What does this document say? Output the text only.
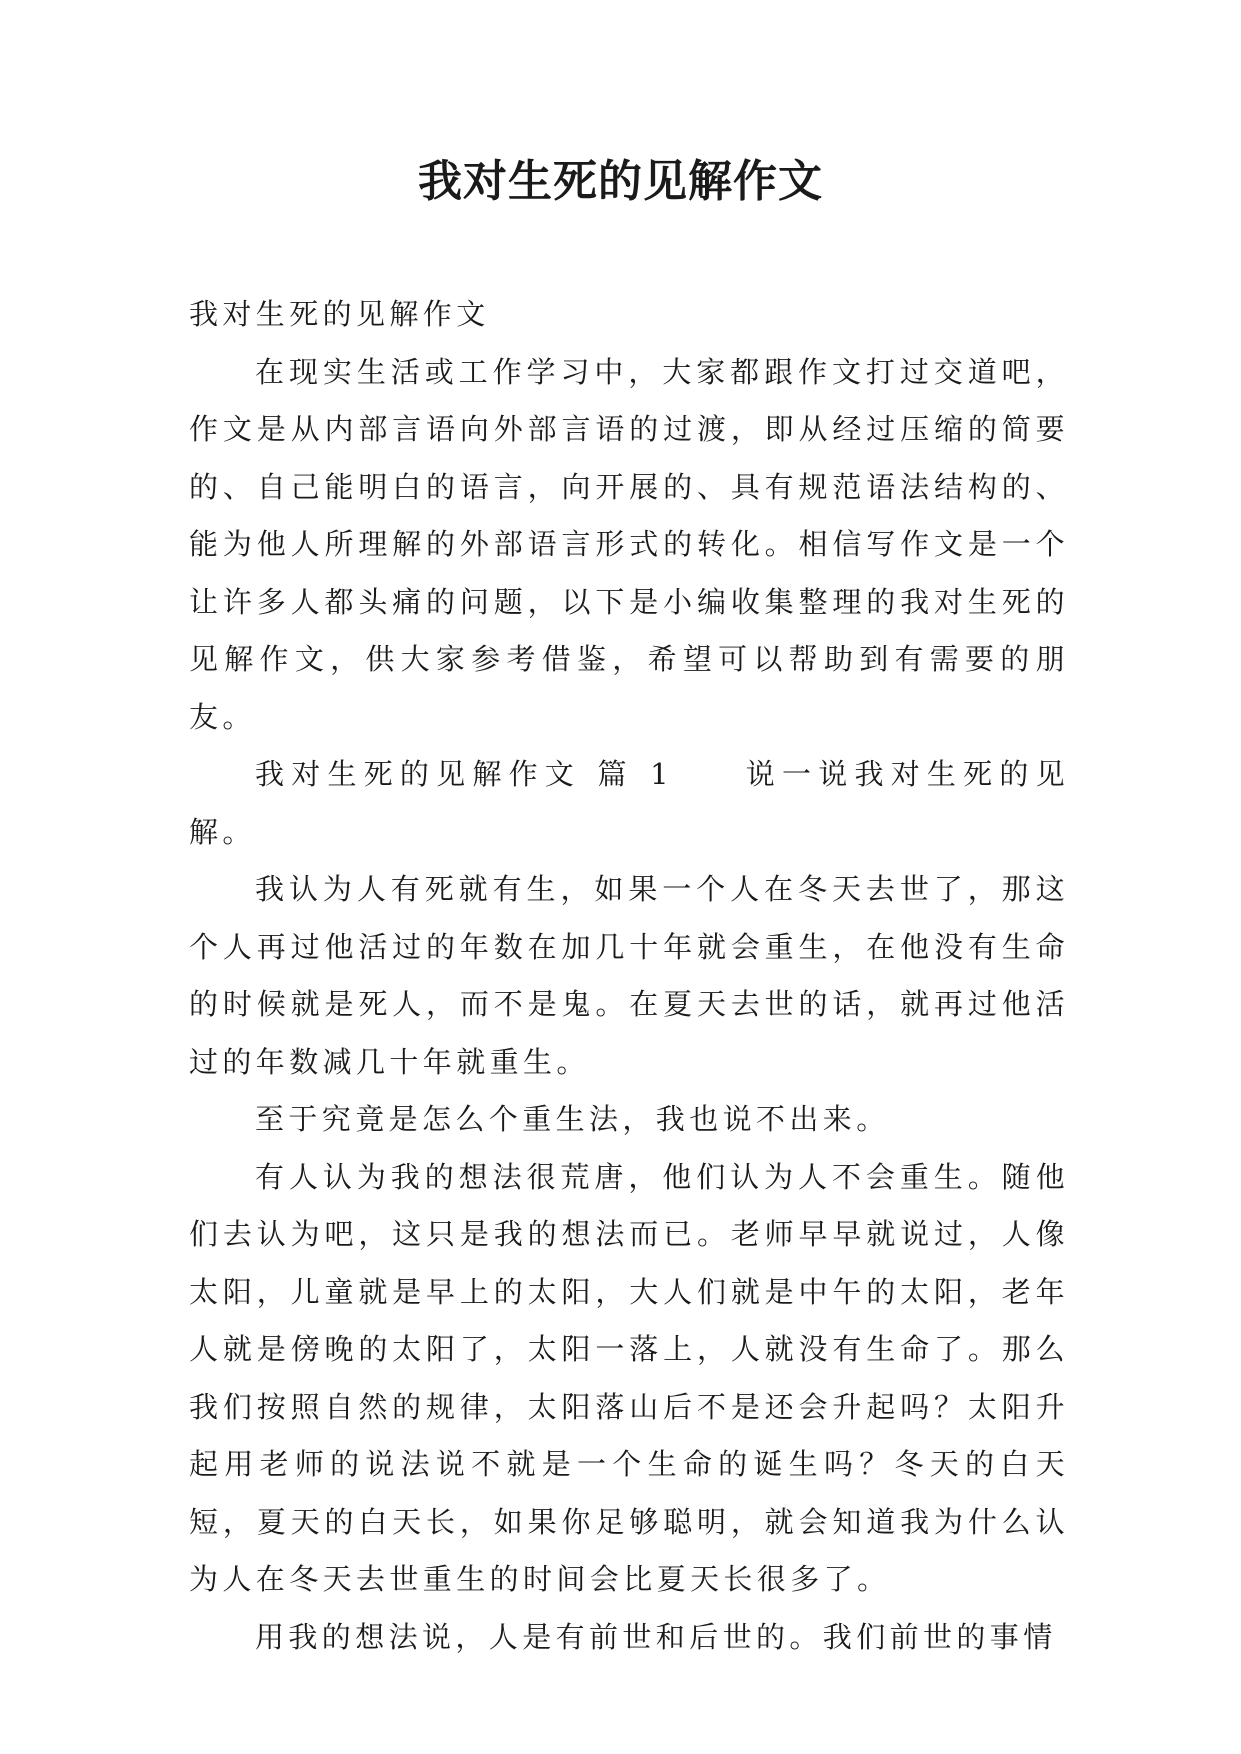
我对生死的见解作文

我对生死的见解作文

在现实生活或工作学习中，大家都跟作文打过交道吧，作文是从内部言语向外部言语的过渡，即从经过压缩的简要的、自己能明白的语言，向开展的、具有规范语法结构的、能为他人所理解的外部语言形式的转化。相信写作文是一个让许多人都头痛的问题，以下是小编收集整理的我对生死的见解作文，供大家参考借鉴，希望可以帮助到有需要的朋友。

我对生死的见解作文 篇 1 说一说我对生死的见解。

我认为人有死就有生，如果一个人在冬天去世了，那这个人再过他活过的年数在加几十年就会重生，在他没有生命的时候就是死人，而不是鬼。在夏天去世的话，就再过他活过的年数减几十年就重生。

至于究竟是怎么个重生法，我也说不出来。

有人认为我的想法很荒唐，他们认为人不会重生。随他们去认为吧，这只是我的想法而已。老师早早就说过，人像太阳，儿童就是早上的太阳，大人们就是中午的太阳，老年人就是傍晚的太阳了，太阳一落上，人就没有生命了。那么我们按照自然的规律，太阳落山后不是还会升起吗？太阳升起用老师的说法说不就是一个生命的诞生吗？冬天的白天短，夏天的白天长，如果你足够聪明，就会知道我为什么认为人在冬天去世重生的时间会比夏天长很多了。

用我的想法说，人是有前世和后世的。我们前世的事情
